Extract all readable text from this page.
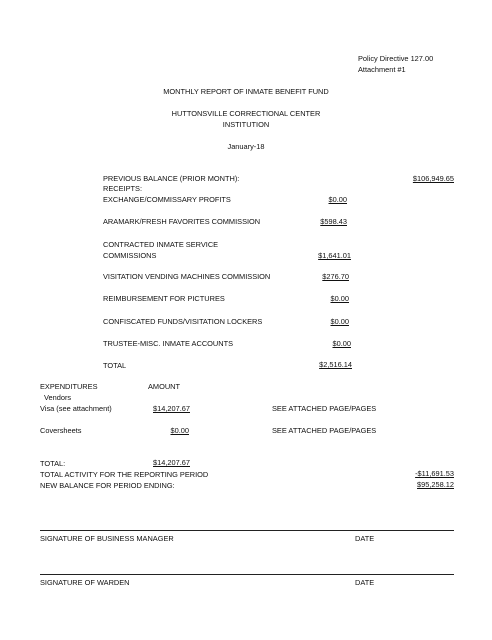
Policy Directive 127.00
Attachment #1
MONTHLY REPORT OF INMATE BENEFIT FUND
HUTTONSVILLE CORRECTIONAL CENTER
INSTITUTION
January-18
PREVIOUS BALANCE (PRIOR MONTH):	$106,949.65
RECEIPTS:
EXCHANGE/COMMISSARY PROFITS	$0.00
ARAMARK/FRESH FAVORITES COMMISSION	$598.43
CONTRACTED INMATE SERVICE
COMMISSIONS	$1,641.01
VISITATION VENDING MACHINES COMMISSION	$276.70
REIMBURSEMENT FOR PICTURES	$0.00
CONFISCATED FUNDS/VISITATION LOCKERS	$0.00
TRUSTEE-MISC. INMATE ACCOUNTS	$0.00
TOTAL	$2,516.14
EXPENDITURES	AMOUNT
Vendors
Visa (see attachment)	$14,207.67	SEE ATTACHED PAGE/PAGES
Coversheets	$0.00	SEE ATTACHED PAGE/PAGES
TOTAL:	$14,207.67
TOTAL ACTIVITY FOR THE REPORTING PERIOD	-$11,691.53
NEW BALANCE FOR PERIOD ENDING:	$95,258.12
SIGNATURE OF BUSINESS MANAGER	DATE
SIGNATURE OF WARDEN	DATE
